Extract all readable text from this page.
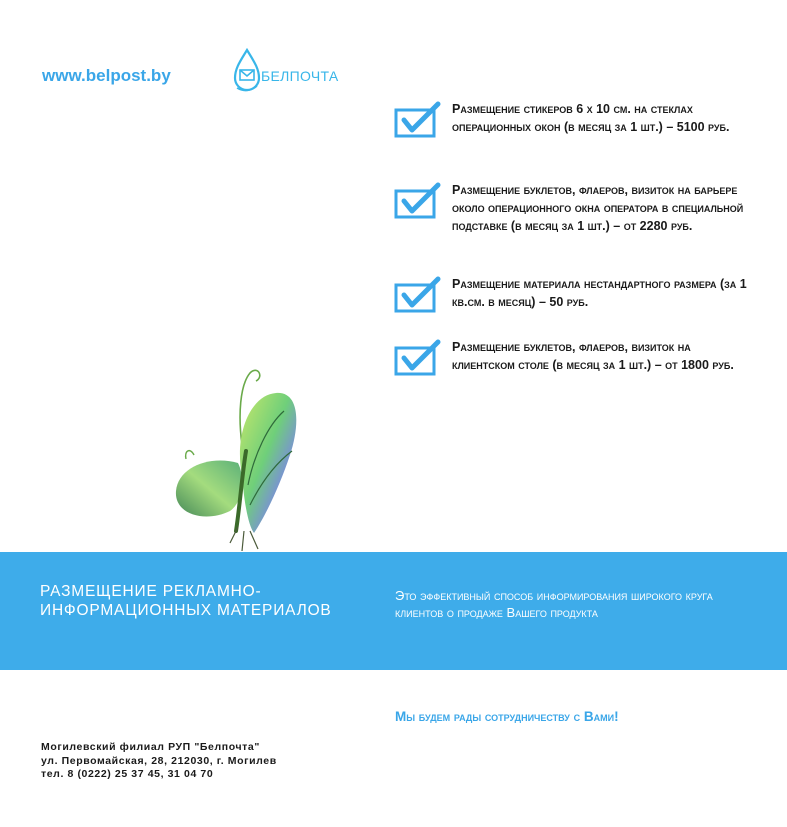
www.belpost.by	БЕЛПОЧТА
Размещение стикеров 6 х 10 см. на стеклах операционных окон (в месяц за 1 шт.) – 5100 руб.
Размещение буклетов, флаеров, визиток на барьере около операционного окна оператора в специальной подставке (в месяц за 1 шт.) – от 2280 руб.
Размещение материала нестандартного размера (за 1 кв.см. в месяц) – 50 руб.
Размещение буклетов, флаеров, визиток на клиентском столе (в месяц за 1 шт.) – от 1800 руб.
РАЗМЕЩЕНИЕ РЕКЛАМНО-ИНФОРМАЦИОННЫХ МАТЕРИАЛОВ
Это эффективный способ информирования широкого круга клиентов о продаже Вашего продукта
Мы будем рады сотрудничеству с Вами!
Могилевский филиал РУП "Белпочта"
ул. Первомайская, 28, 212030, г. Могилев
тел. 8 (0222) 25 37 45, 31 04 70
